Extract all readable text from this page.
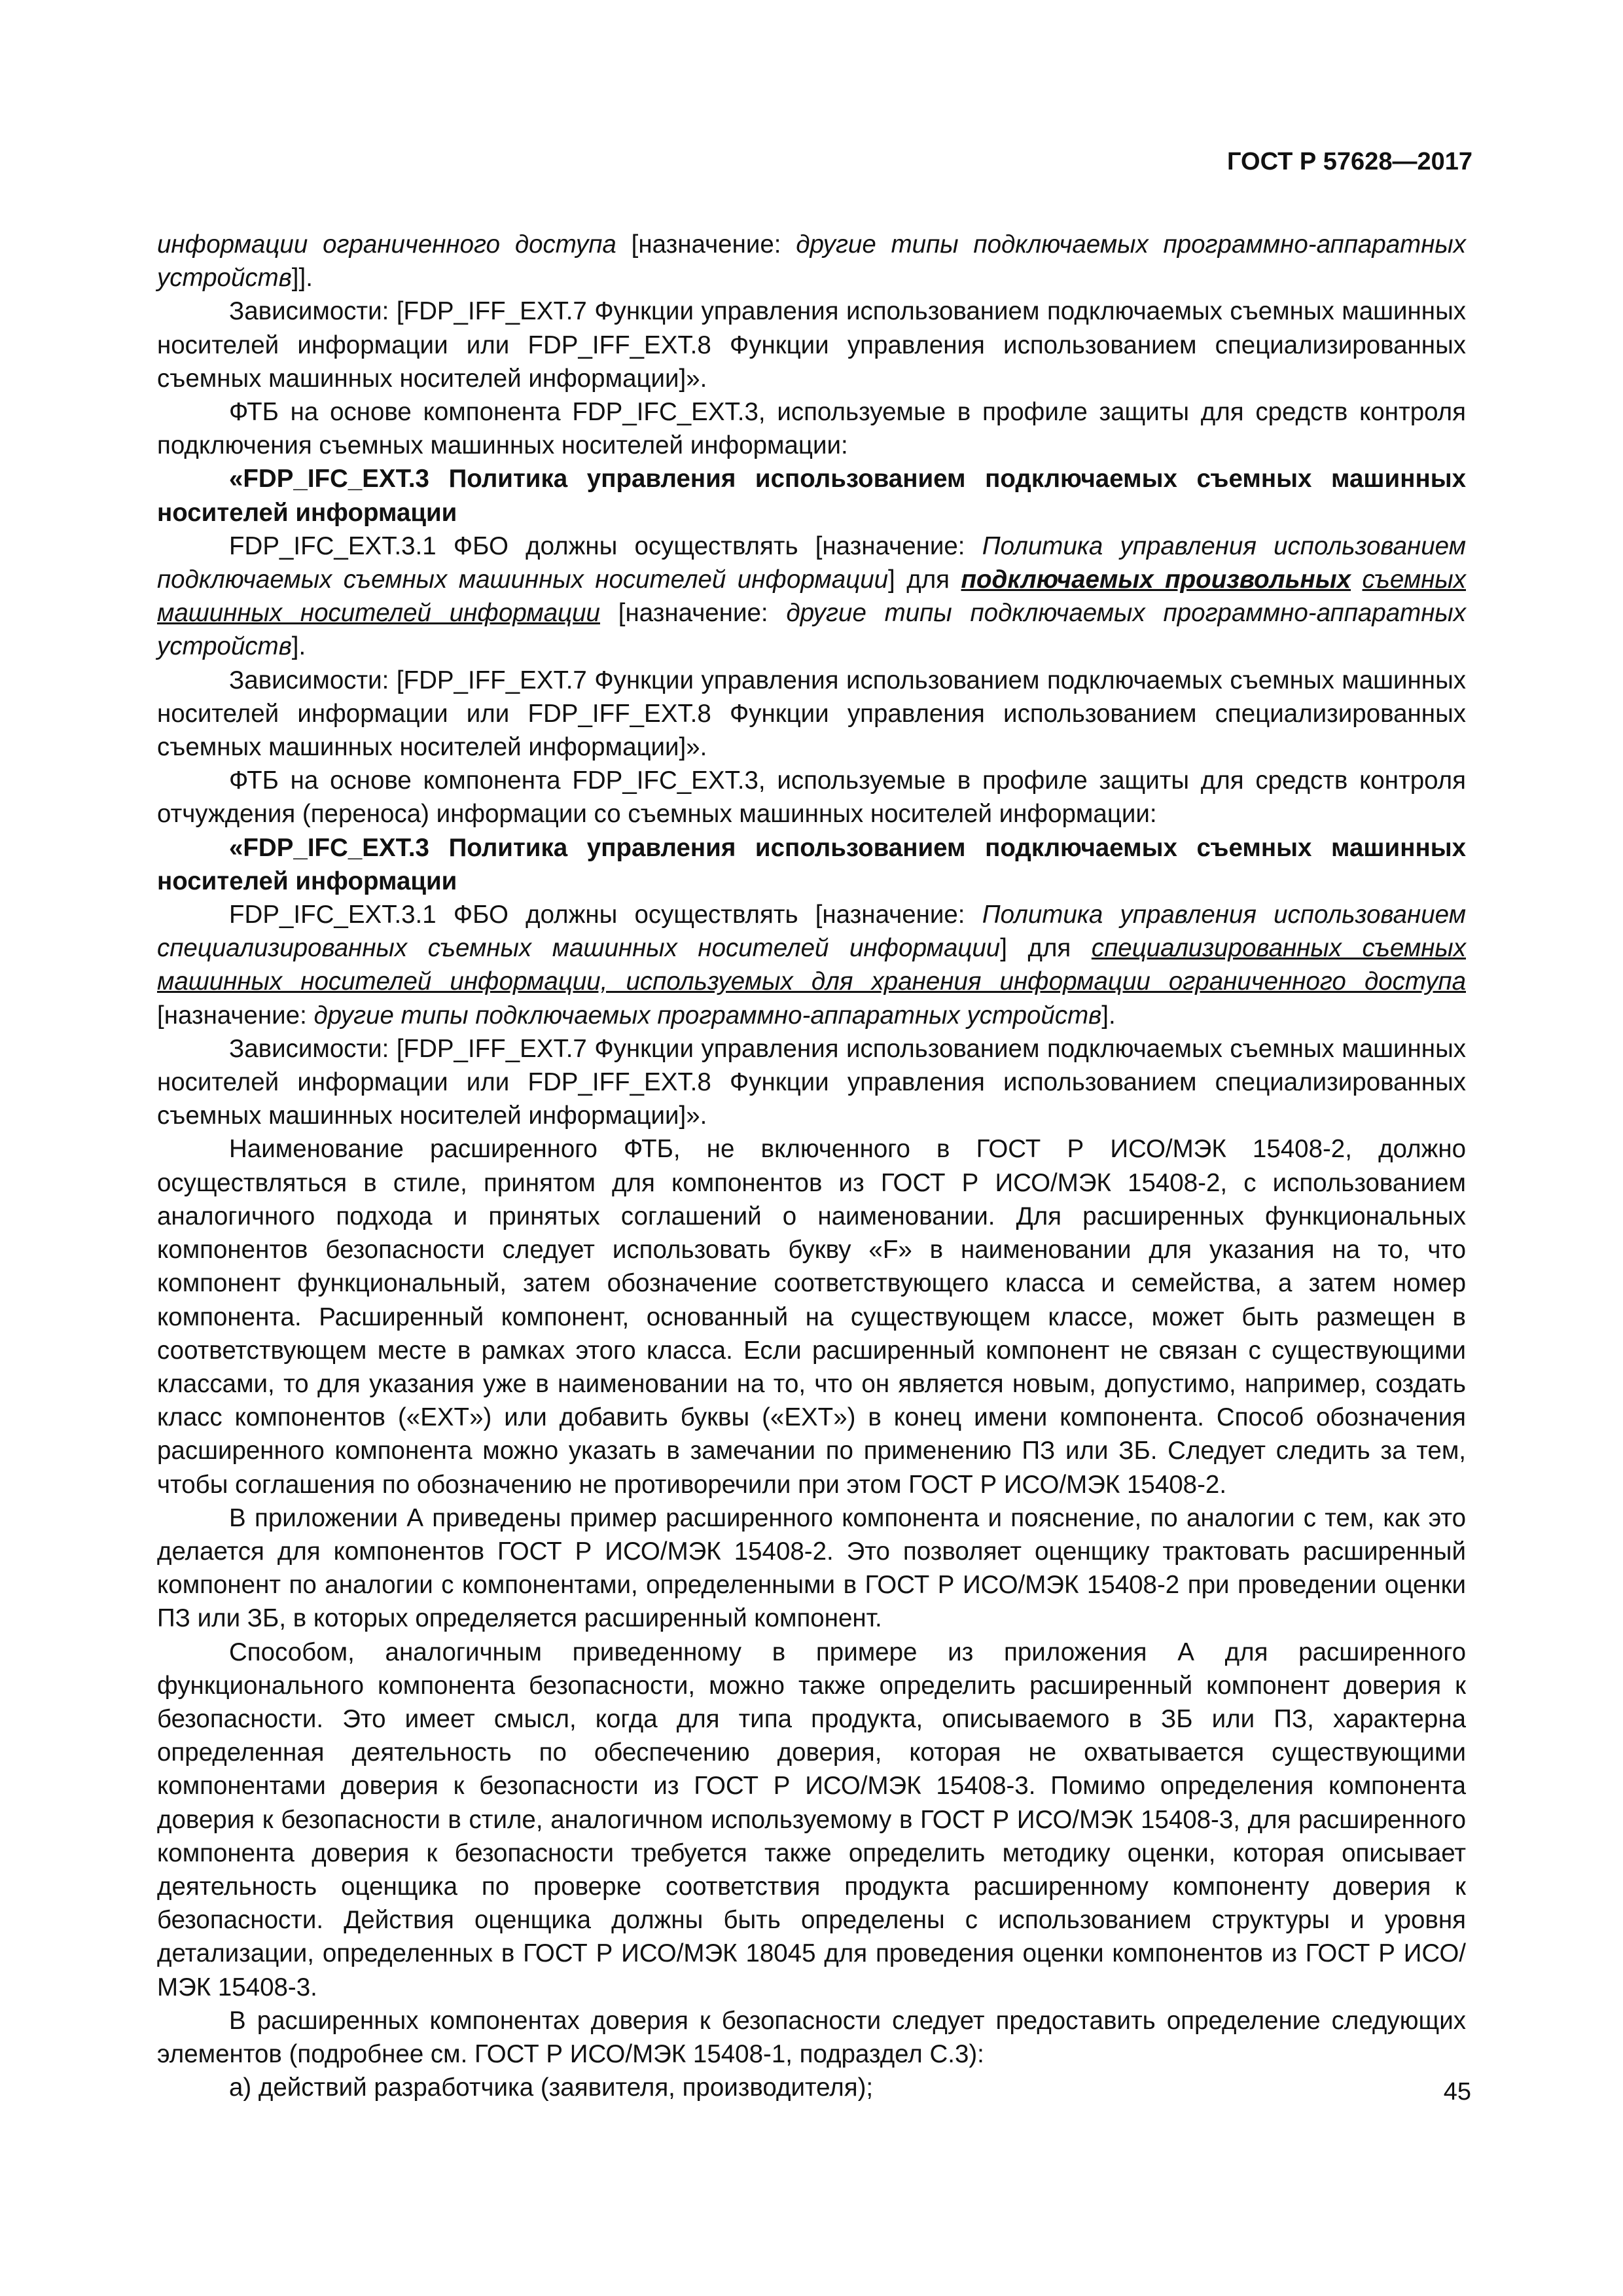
ГОСТ Р 57628—2017

информации ограниченного доступа [назначение: другие типы подключаемых программно-аппаратных устройств]].

Зависимости: [FDP_IFF_EXT.7 Функции управления использованием подключаемых съемных машинных носителей информации или FDP_IFF_EXT.8 Функции управления использованием специализированных съемных машинных носителей информации]».

ФТБ на основе компонента FDP_IFC_EXT.3, используемые в профиле защиты для средств контроля подключения съемных машинных носителей информации:

«FDP_IFC_EXT.3 Политика управления использованием подключаемых съемных машинных носителей информации

FDP_IFC_EXT.3.1 ФБО должны осуществлять [назначение: Политика управления использованием подключаемых съемных машинных носителей информации] для подключаемых произвольных съемных машинных носителей информации [назначение: другие типы подключаемых программно-аппаратных устройств].

Зависимости: [FDP_IFF_EXT.7 Функции управления использованием подключаемых съемных машинных носителей информации или FDP_IFF_EXT.8 Функции управления использованием специализированных съемных машинных носителей информации]».

ФТБ на основе компонента FDP_IFC_EXT.3, используемые в профиле защиты для средств контроля отчуждения (переноса) информации со съемных машинных носителей информации:

«FDP_IFC_EXT.3 Политика управления использованием подключаемых съемных машинных носителей информации

FDP_IFC_EXT.3.1 ФБО должны осуществлять [назначение: Политика управления использованием специализированных съемных машинных носителей информации] для специализированных съемных машинных носителей информации, используемых для хранения информации ограниченного доступа [назначение: другие типы подключаемых программно-аппаратных устройств].

Зависимости: [FDP_IFF_EXT.7 Функции управления использованием подключаемых съемных машинных носителей информации или FDP_IFF_EXT.8 Функции управления использованием специализированных съемных машинных носителей информации]».

Наименование расширенного ФТБ, не включенного в ГОСТ Р ИСО/МЭК 15408-2, должно осуществляться в стиле, принятом для компонентов из ГОСТ Р ИСО/МЭК 15408-2, с использованием аналогичного подхода и принятых соглашений о наименовании. Для расширенных функциональных компонентов безопасности следует использовать букву «F» в наименовании для указания на то, что компонент функциональный, затем обозначение соответствующего класса и семейства, а затем номер компонента. Расширенный компонент, основанный на существующем классе, может быть размещен в соответствующем месте в рамках этого класса. Если расширенный компонент не связан с существующими классами, то для указания уже в наименовании на то, что он является новым, допустимо, например, создать класс компонентов («EXT») или добавить буквы («EXT») в конец имени компонента. Способ обозначения расширенного компонента можно указать в замечании по применению ПЗ или ЗБ. Следует следить за тем, чтобы соглашения по обозначению не противоречили при этом ГОСТ Р ИСО/МЭК 15408-2.

В приложении А приведены пример расширенного компонента и пояснение, по аналогии с тем, как это делается для компонентов ГОСТ Р ИСО/МЭК 15408-2. Это позволяет оценщику трактовать расширенный компонент по аналогии с компонентами, определенными в ГОСТ Р ИСО/МЭК 15408-2 при проведении оценки ПЗ или ЗБ, в которых определяется расширенный компонент.

Способом, аналогичным приведенному в примере из приложения А для расширенного функционального компонента безопасности, можно также определить расширенный компонент доверия к безопасности. Это имеет смысл, когда для типа продукта, описываемого в ЗБ или ПЗ, характерна определенная деятельность по обеспечению доверия, которая не охватывается существующими компонентами доверия к безопасности из ГОСТ Р ИСО/МЭК 15408-3. Помимо определения компонента доверия к безопасности в стиле, аналогичном используемому в ГОСТ Р ИСО/МЭК 15408-3, для расширенного компонента доверия к безопасности требуется также определить методику оценки, которая описывает деятельность оценщика по проверке соответствия продукта расширенному компоненту доверия к безопасности. Действия оценщика должны быть определены с использованием структуры и уровня детализации, определенных в ГОСТ Р ИСО/МЭК 18045 для проведения оценки компонентов из ГОСТ Р ИСО/МЭК 15408-3.

В расширенных компонентах доверия к безопасности следует предоставить определение следующих элементов (подробнее см. ГОСТ Р ИСО/МЭК 15408-1, подраздел С.3):

а) действий разработчика (заявителя, производителя);	45
